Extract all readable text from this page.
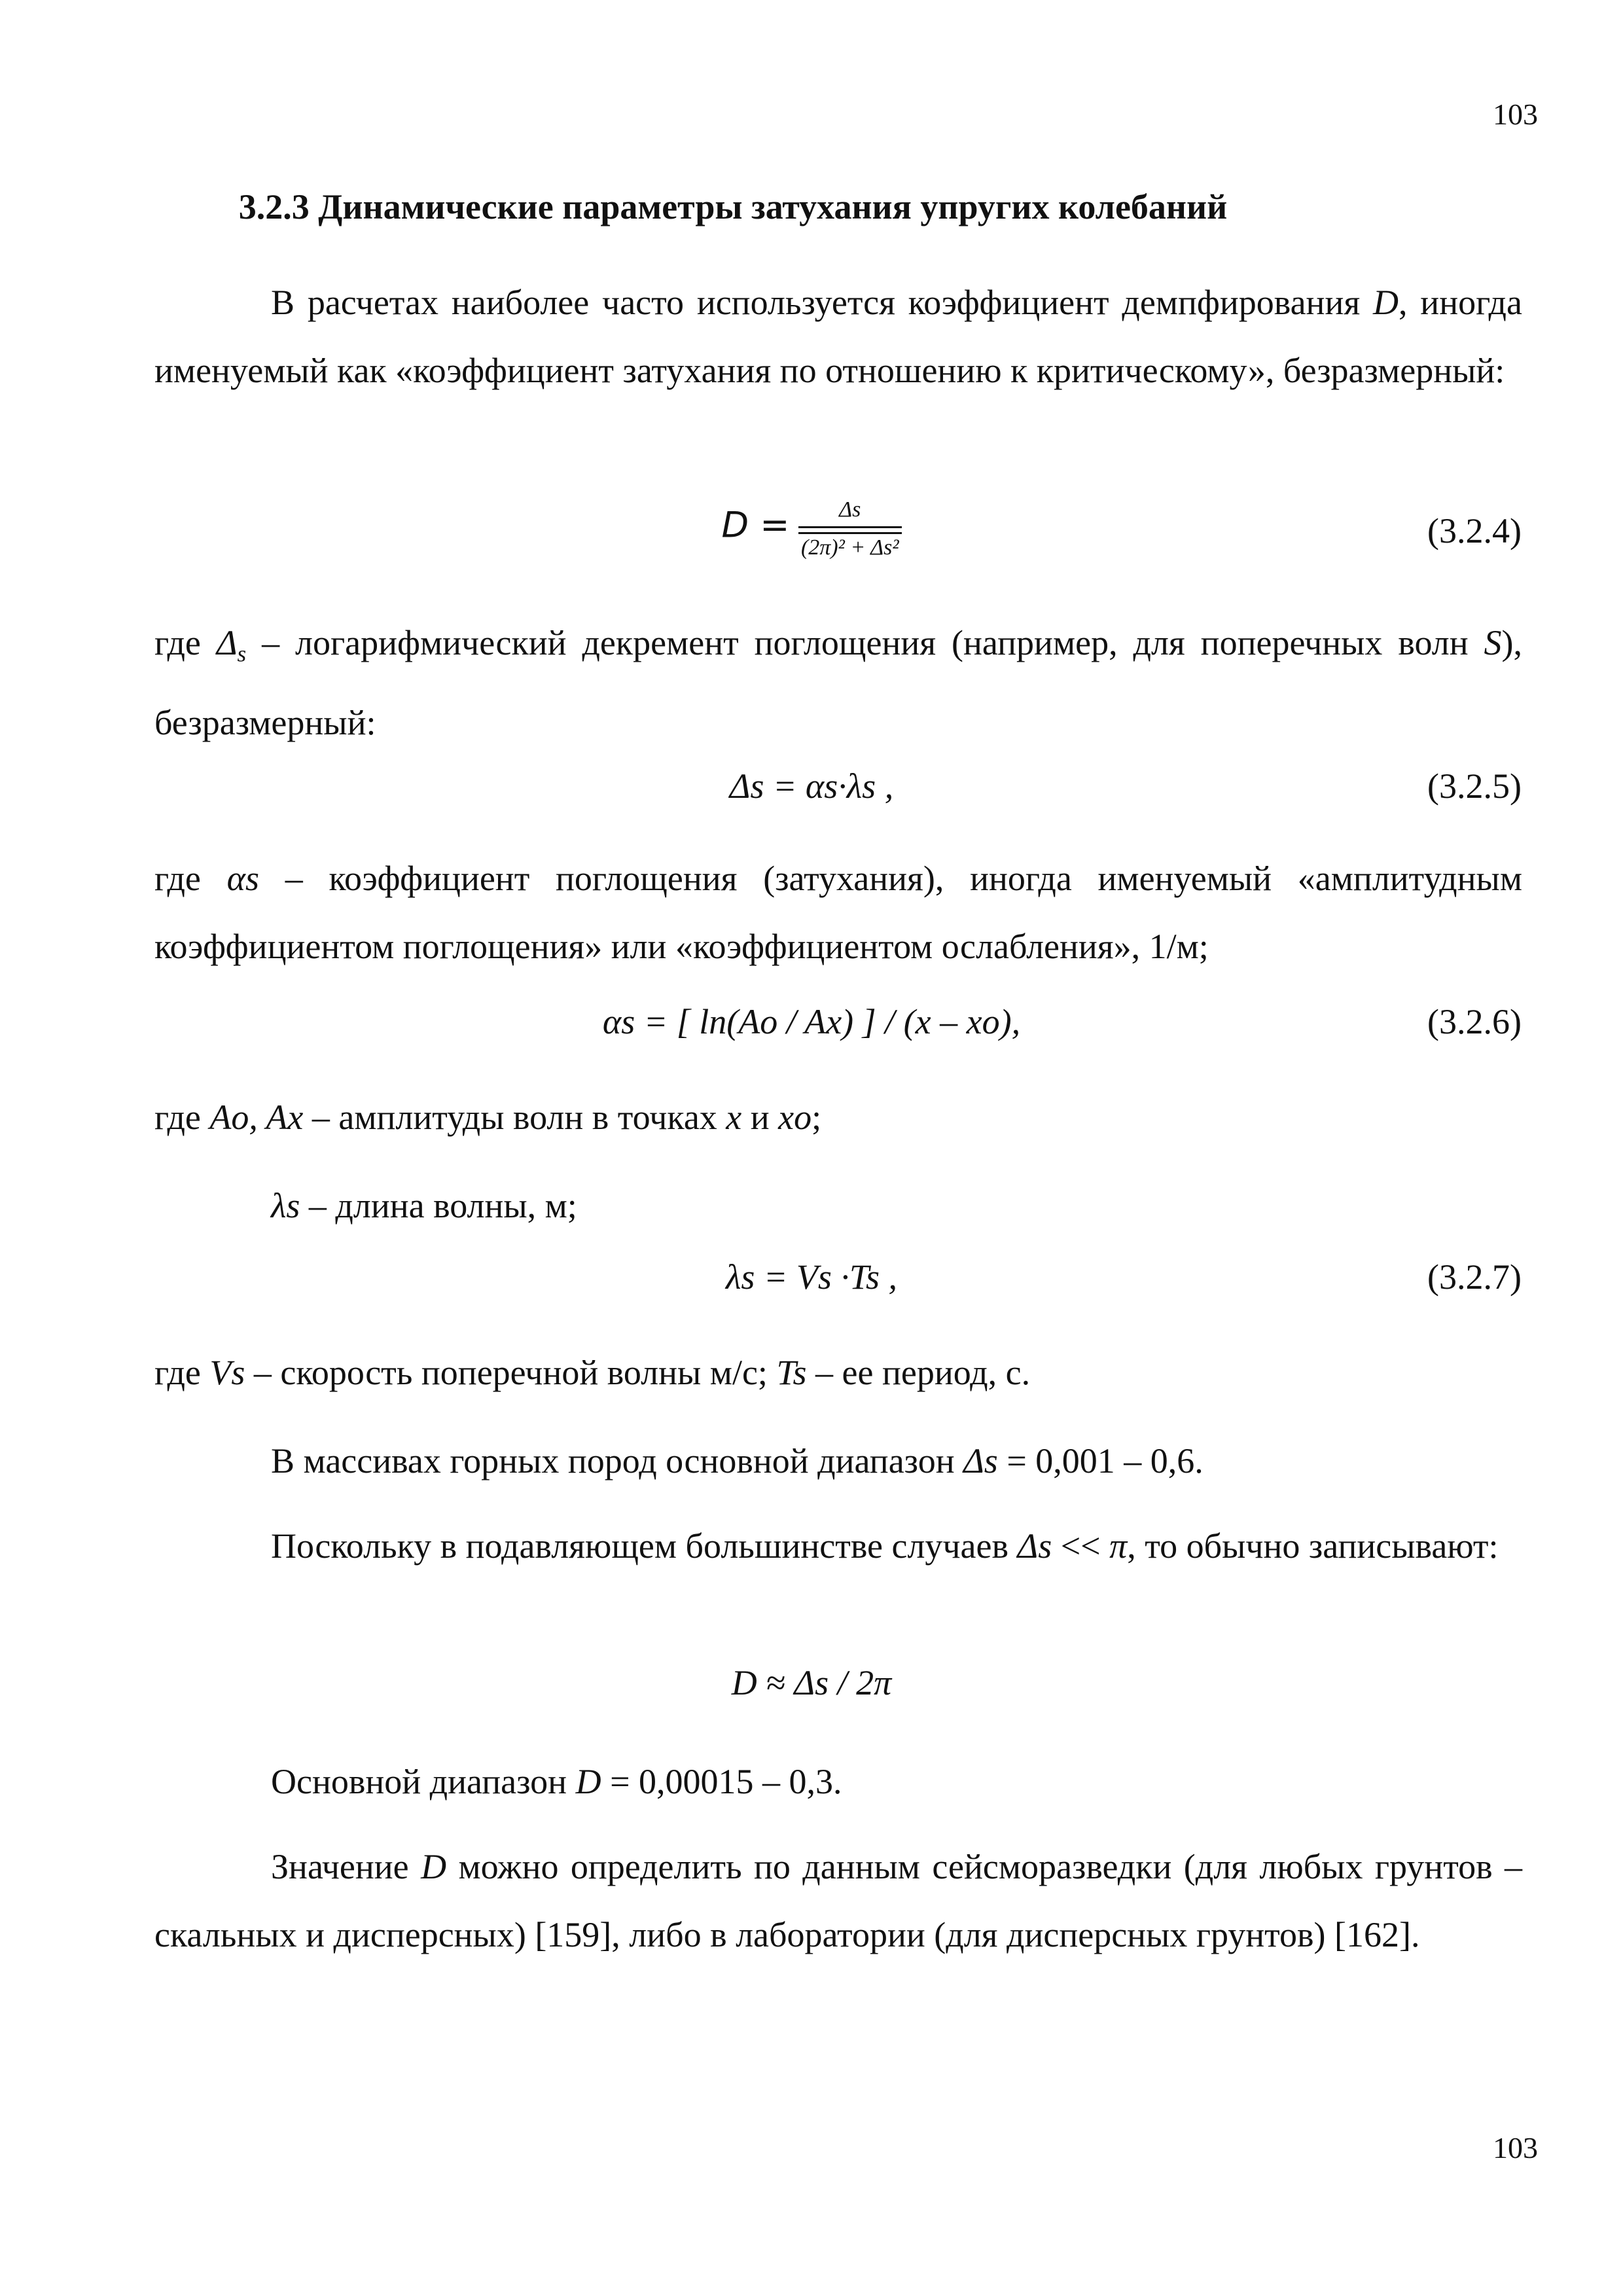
103
3.2.3 Динамические параметры затухания упругих колебаний
В расчетах наиболее часто используется коэффициент демпфирования D, иногда именуемый как «коэффициент затухания по отношению к критическому», безразмерный:
$D = \frac{\Delta s}{\text{(2π)² + Δs²}}$	(3.2.4)
где $\Delta_s$ – логарифмический декремент поглощения (например, для поперечных волн S), безразмерный:
Δs = αs·λs ,	(3.2.5)
где αs – коэффициент поглощения (затухания), иногда именуемый «амплитудным коэффициентом поглощения» или «коэффициентом ослабления», 1/м;
αs = [ ln(Ao / Ax) ] / (x – xo),	(3.2.6)
где Ao, Ax – амплитуды волн в точках x и xo;
λs – длина волны, м;
λs = Vs ·Ts ,	(3.2.7)
где Vs – скорость поперечной волны м/с; Ts – ее период, с.
В массивах горных пород основной диапазон Δs = 0,001 – 0,6.
Поскольку в подавляющем большинстве случаев Δs << π, то обычно записывают:
D ≈ Δs / 2π
Основной диапазон D = 0,00015 – 0,3.
Значение D можно определить по данным сейсморазведки (для любых грунтов – скальных и дисперсных) [159], либо в лаборатории (для дисперсных грунтов) [162].
103
